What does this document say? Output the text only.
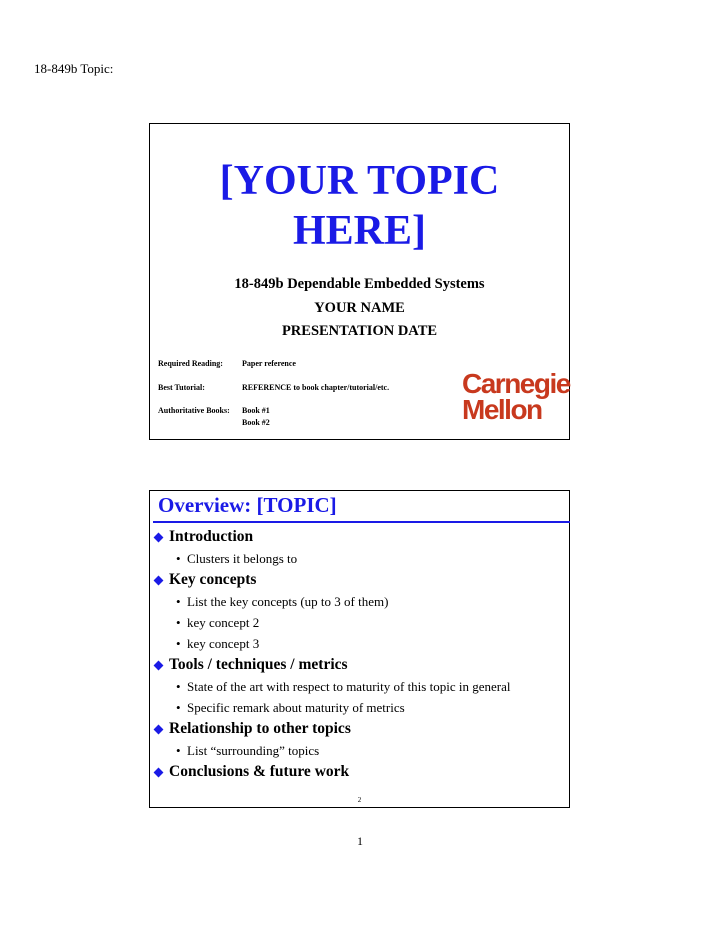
18-849b Topic:
[YOUR TOPIC
HERE]
18-849b Dependable Embedded Systems
YOUR NAME
PRESENTATION DATE
Required Reading:	Paper reference
Best Tutorial:	REFERENCE to book chapter/tutorial/etc.
Authoritative Books:	Book #1
Book #2
Carnegie
Mellon
Overview: [TOPIC]
Introduction
• Clusters it belongs to
Key concepts
• List the key concepts (up to 3 of them)
• key concept 2
• key concept 3
Tools / techniques / metrics
• State of the art with respect to maturity of this topic in general
• Specific remark about maturity of metrics
Relationship to other topics
• List “surrounding” topics
Conclusions & future work
2
1
